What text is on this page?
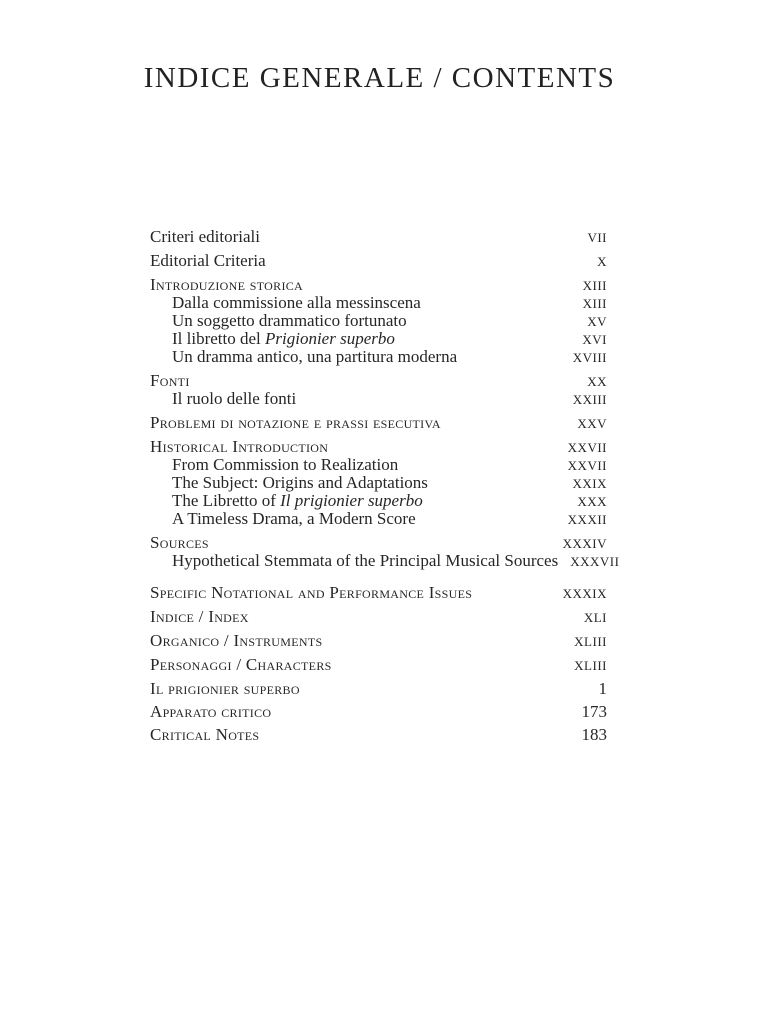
INDICE GENERALE / CONTENTS
Criteri editoriali	VII
Editorial Criteria	X
Introduzione storica	XIII
Dalla commissione alla messinscena	XIII
Un soggetto drammatico fortunato	XV
Il libretto del Prigionier superbo	XVI
Un dramma antico, una partitura moderna	XVIII
Fonti	XX
Il ruolo delle fonti	XXIII
Problemi di notazione e prassi esecutiva	XXV
Historical Introduction	XXVII
From Commission to Realization	XXVII
The Subject: Origins and Adaptations	XXIX
The Libretto of Il prigionier superbo	XXX
A Timeless Drama, a Modern Score	XXXII
Sources	XXXIV
Hypothetical Stemmata of the Principal Musical Sources XXXVII
Specific Notational and Performance Issues	XXXIX
Indice / Index	XLI
Organico / Instruments	XLIII
Personaggi / Characters	XLIII
Il prigionier superbo	1
Apparato critico	173
Critical Notes	183
